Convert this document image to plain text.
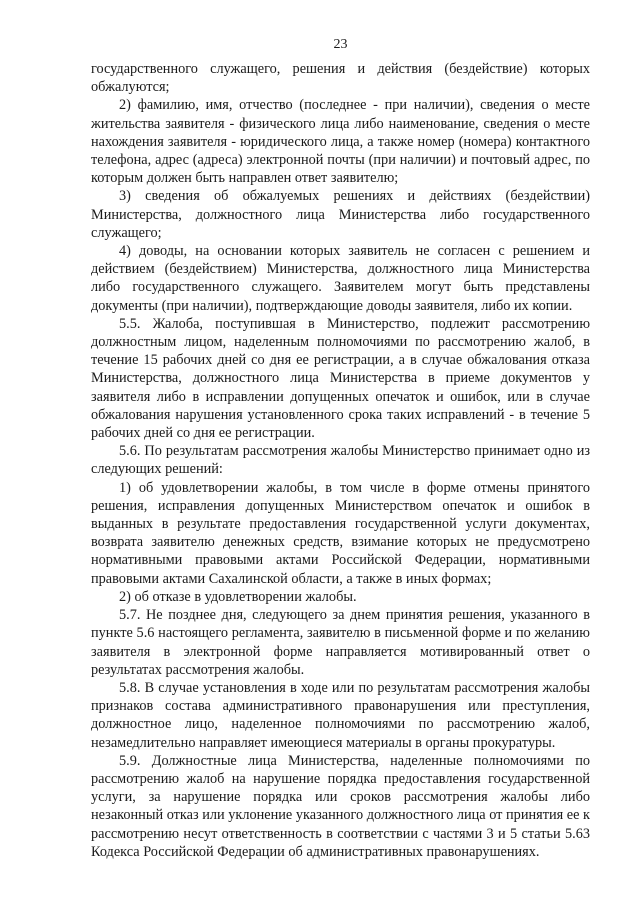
23

государственного служащего, решения и действия (бездействие) которых обжалуются;

2) фамилию, имя, отчество (последнее - при наличии), сведения о месте жительства заявителя - физического лица либо наименование, сведения о месте нахождения заявителя - юридического лица, а также номер (номера) контактного телефона, адрес (адреса) электронной почты (при наличии) и почтовый адрес, по которым должен быть направлен ответ заявителю;

3) сведения об обжалуемых решениях и действиях (бездействии) Министерства, должностного лица Министерства либо государственного служащего;

4) доводы, на основании которых заявитель не согласен с решением и действием (бездействием) Министерства, должностного лица Министерства либо государственного служащего. Заявителем могут быть представлены документы (при наличии), подтверждающие доводы заявителя, либо их копии.

5.5. Жалоба, поступившая в Министерство, подлежит рассмотрению должностным лицом, наделенным полномочиями по рассмотрению жалоб, в течение 15 рабочих дней со дня ее регистрации, а в случае обжалования отказа Министерства, должностного лица Министерства в приеме документов у заявителя либо в исправлении допущенных опечаток и ошибок, или в случае обжалования нарушения установленного срока таких исправлений - в течение 5 рабочих дней со дня ее регистрации.

5.6. По результатам рассмотрения жалобы Министерство принимает одно из следующих решений:

1) об удовлетворении жалобы, в том числе в форме отмены принятого решения, исправления допущенных Министерством опечаток и ошибок в выданных в результате предоставления государственной услуги документах, возврата заявителю денежных средств, взимание которых не предусмотрено нормативными правовыми актами Российской Федерации, нормативными правовыми актами Сахалинской области, а также в иных формах;

2) об отказе в удовлетворении жалобы.

5.7. Не позднее дня, следующего за днем принятия решения, указанного в пункте 5.6 настоящего регламента, заявителю в письменной форме и по желанию заявителя в электронной форме направляется мотивированный ответ о результатах рассмотрения жалобы.

5.8. В случае установления в ходе или по результатам рассмотрения жалобы признаков состава административного правонарушения или преступления, должностное лицо, наделенное полномочиями по рассмотрению жалоб, незамедлительно направляет имеющиеся материалы в органы прокуратуры.

5.9. Должностные лица Министерства, наделенные полномочиями по рассмотрению жалоб на нарушение порядка предоставления государственной услуги, за нарушение порядка или сроков рассмотрения жалобы либо незаконный отказ или уклонение указанного должностного лица от принятия ее к рассмотрению несут ответственность в соответствии с частями 3 и 5 статьи 5.63 Кодекса Российской Федерации об административных правонарушениях.
